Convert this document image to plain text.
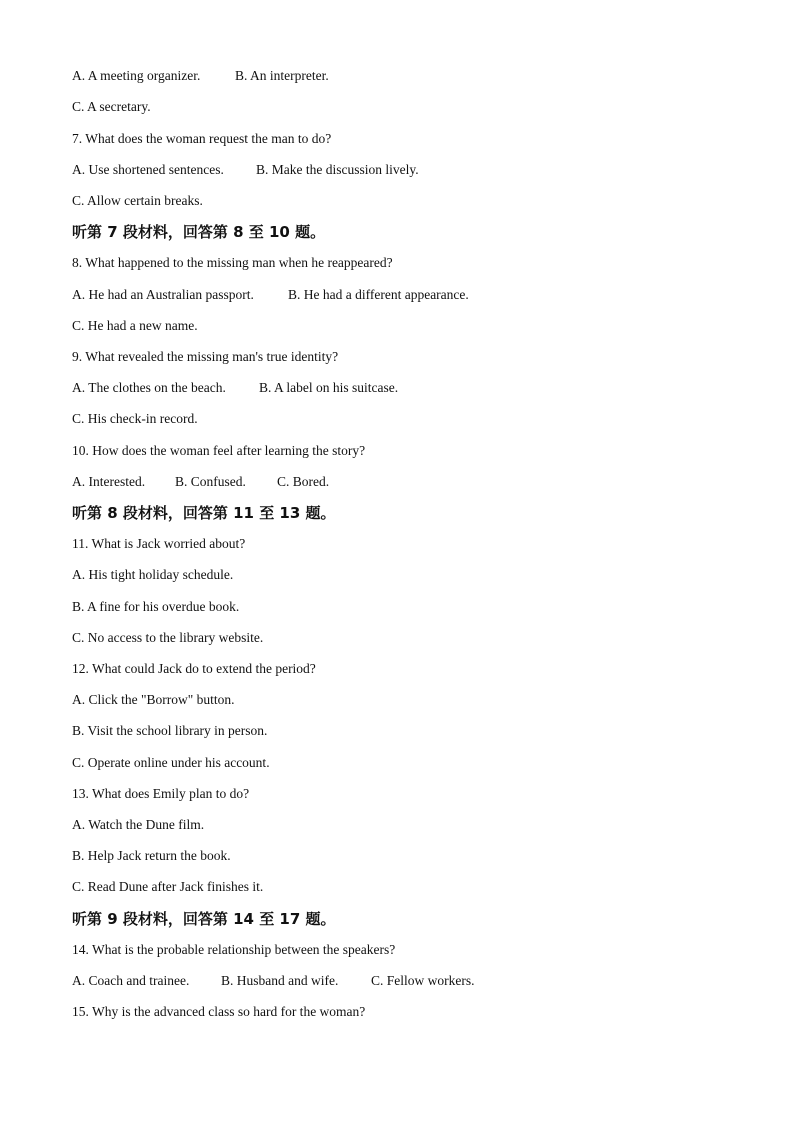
A. A meeting organizer.	B. An interpreter.
C. A secretary.
7. What does the woman request the man to do?
A. Use shortened sentences. B. Make the discussion lively.
C. Allow certain breaks.
听第 7 段材料，回答第 8 至 10 题。
8. What happened to the missing man when he reappeared?
A. He had an Australian passport.	B. He had a different appearance.
C. He had a new name.
9. What revealed the missing man's true identity?
A. The clothes on the beach. B. A label on his suitcase.
C. His check-in record.
10. How does the woman feel after learning the story?
A. Interested. B. Confused. C. Bored.
听第 8 段材料，回答第 11 至 13 题。
11. What is Jack worried about?
A. His tight holiday schedule.
B. A fine for his overdue book.
C. No access to the library website.
12. What could Jack do to extend the period?
A. Click the "Borrow" button.
B. Visit the school library in person.
C. Operate online under his account.
13. What does Emily plan to do?
A. Watch the Dune film.
B. Help Jack return the book.
C. Read Dune after Jack finishes it.
听第 9 段材料，回答第 14 至 17 题。
14. What is the probable relationship between the speakers?
A. Coach and trainee. B. Husband and wife. C. Fellow workers.
15. Why is the advanced class so hard for the woman?
